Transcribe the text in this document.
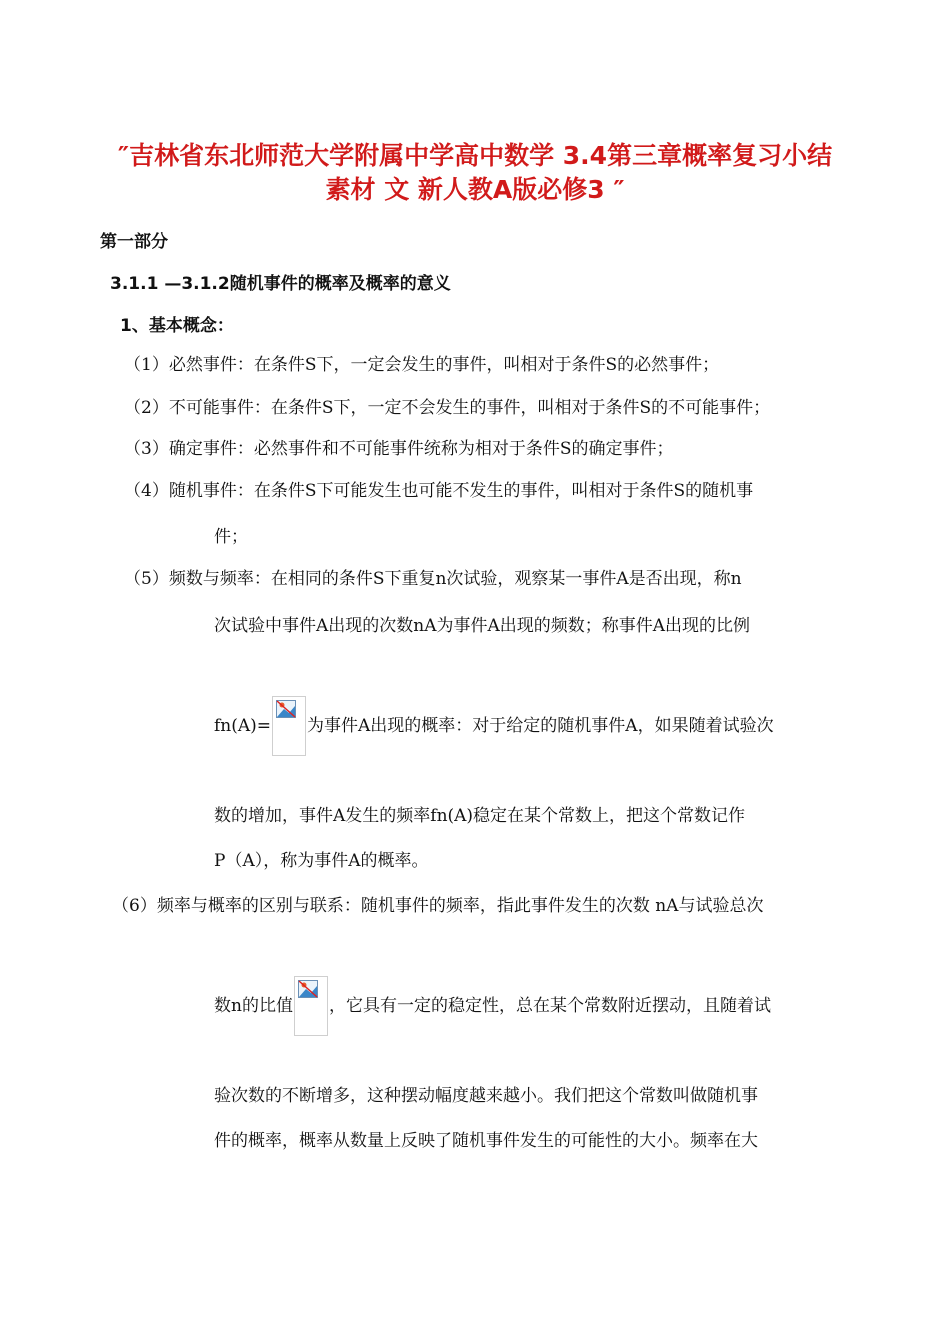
″吉林省东北师范大学附属中学高中数学 3.4第三章概率复习小结
素材 文 新人教A版必修3 ″
第一部分
3.1.1 —3.1.2随机事件的概率及概率的意义
1、基本概念：
（1）必然事件：在条件S下，一定会发生的事件，叫相对于条件S的必然事件；
（2）不可能事件：在条件S下，一定不会发生的事件，叫相对于条件S的不可能事件；
（3）确定事件：必然事件和不可能事件统称为相对于条件S的确定事件；
（4）随机事件：在条件S下可能发生也可能不发生的事件，叫相对于条件S的随机事
件；
（5）频数与频率：在相同的条件S下重复n次试验，观察某一事件A是否出现，称n
次试验中事件A出现的次数nA为事件A出现的频数；称事件A出现的比例
fn(A)= 为事件A出现的概率：对于给定的随机事件A，如果随着试验次
数的增加，事件A发生的频率fn(A)稳定在某个常数上，把这个常数记作
P（A），称为事件A的概率。
（6）频率与概率的区别与联系：随机事件的频率，指此事件发生的次数 nA与试验总次
数n的比值 ，它具有一定的稳定性，总在某个常数附近摆动，且随着试
验次数的不断增多，这种摆动幅度越来越小。我们把这个常数叫做随机事
件的概率，概率从数量上反映了随机事件发生的可能性的大小。频率在大
